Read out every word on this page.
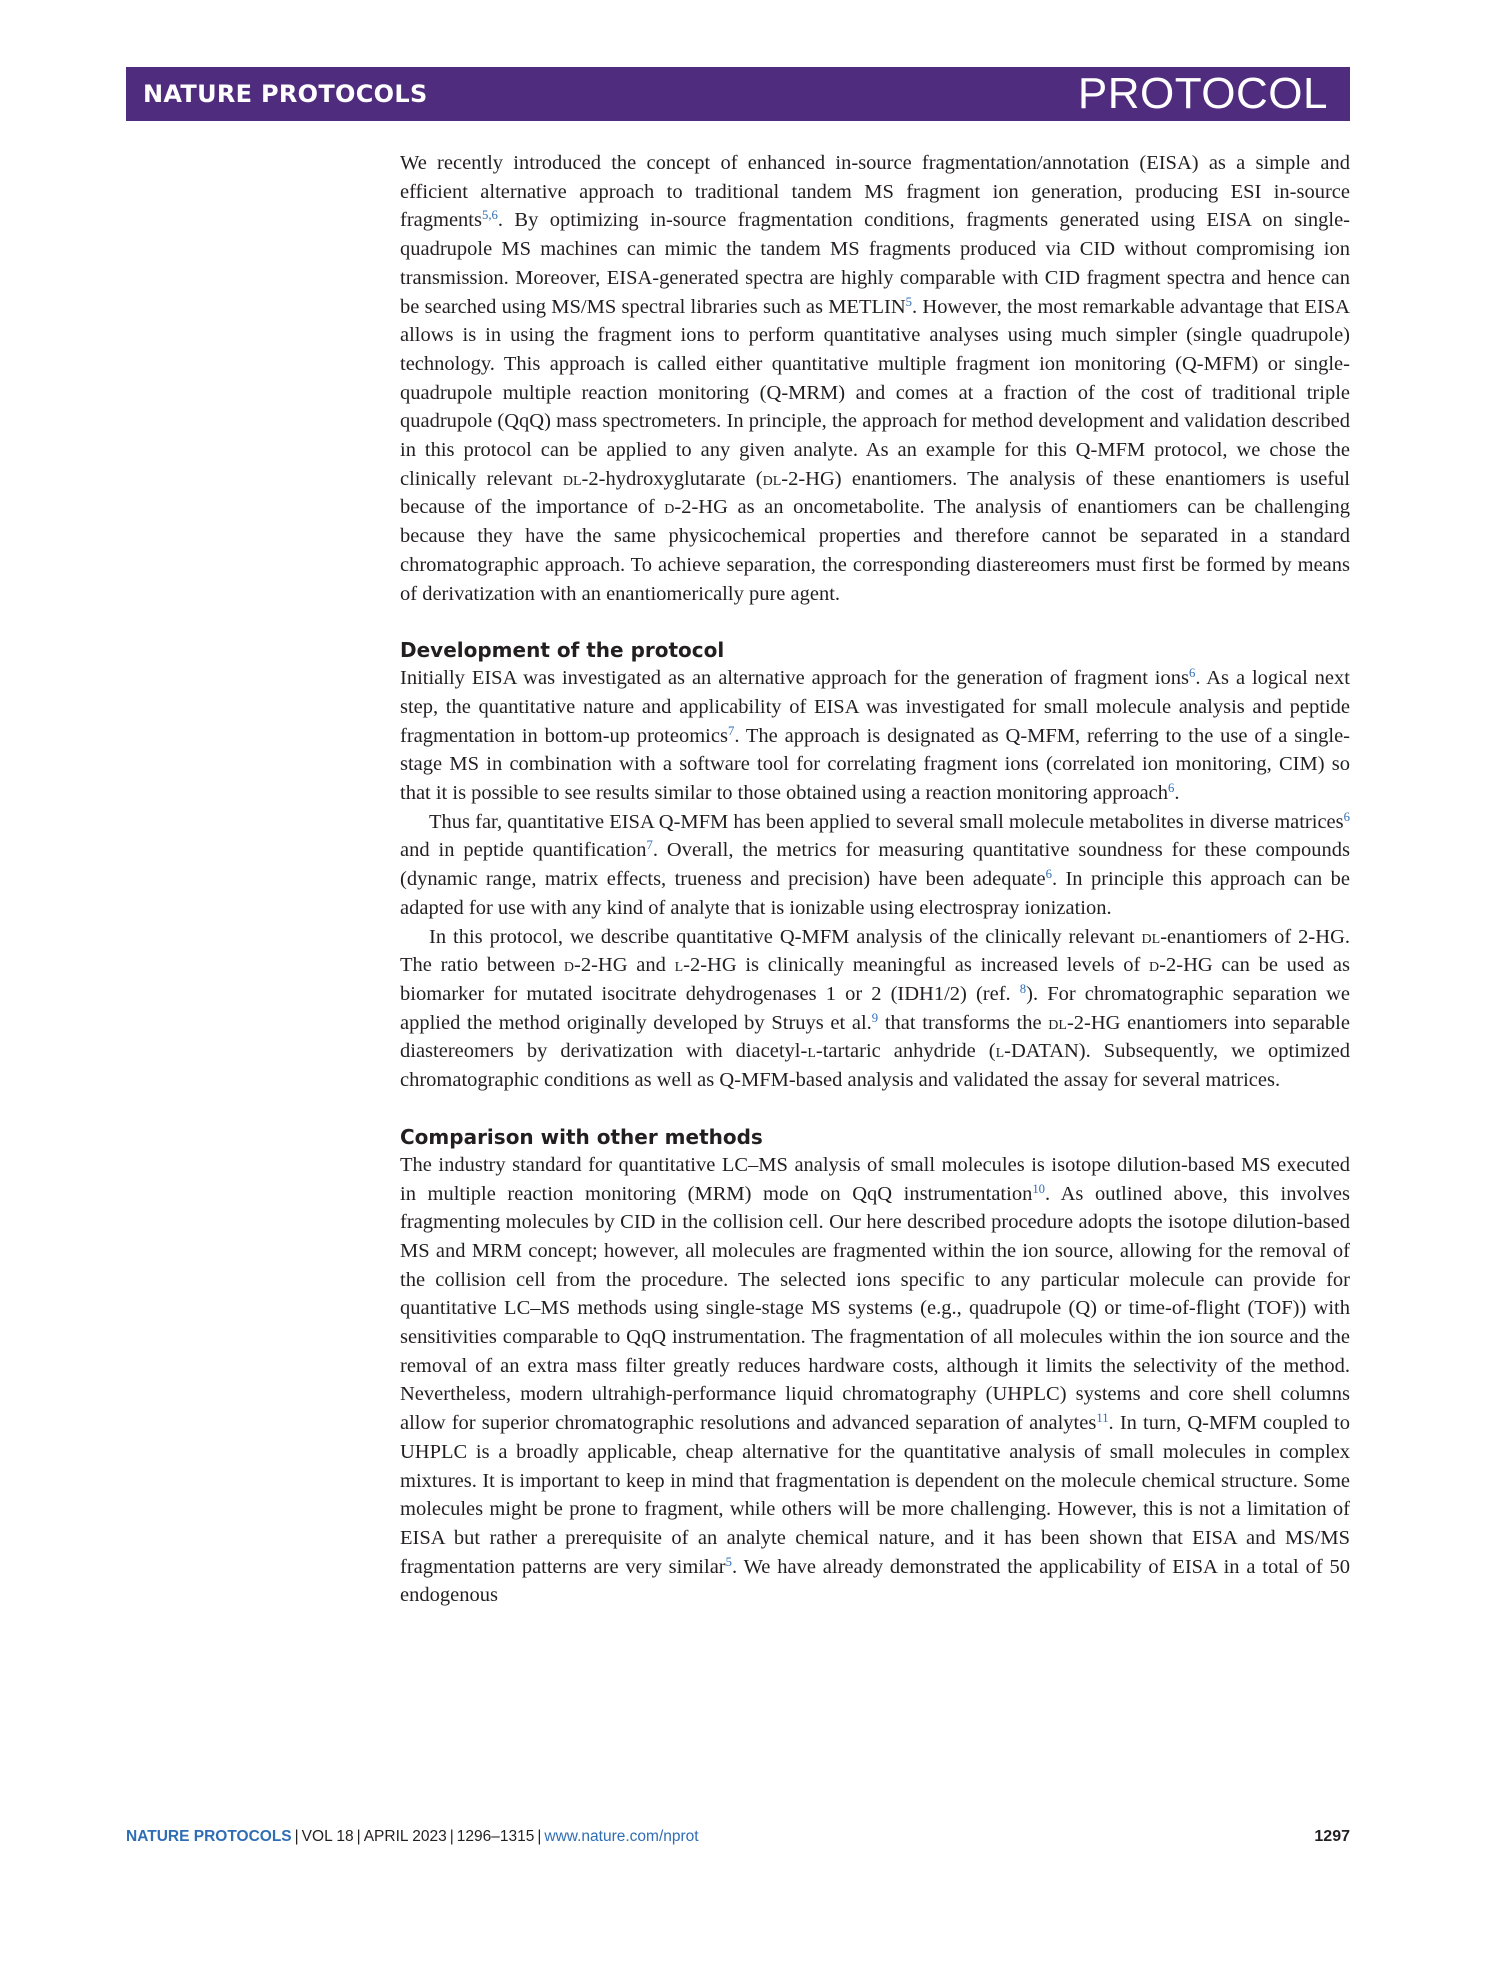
NATURE PROTOCOLS	PROTOCOL

We recently introduced the concept of enhanced in-source fragmentation/annotation (EISA) as a simple and efficient alternative approach to traditional tandem MS fragment ion generation, producing ESI in-source fragments$^{5,6}$. By optimizing in-source fragmentation conditions, fragments generated using EISA on single-quadrupole MS machines can mimic the tandem MS fragments produced via CID without compromising ion transmission. Moreover, EISA-generated spectra are highly comparable with CID fragment spectra and hence can be searched using MS/MS spectral libraries such as METLIN$^5$. However, the most remarkable advantage that EISA allows is in using the fragment ions to perform quantitative analyses using much simpler (single quadrupole) technology. This approach is called either quantitative multiple fragment ion monitoring (Q-MFM) or single-quadrupole multiple reaction monitoring (Q-MRM) and comes at a fraction of the cost of traditional triple quadrupole (QqQ) mass spectrometers. In principle, the approach for method development and validation described in this protocol can be applied to any given analyte. As an example for this Q-MFM protocol, we chose the clinically relevant dl-2-hydroxyglutarate (dl-2-HG) enantiomers. The analysis of these enantiomers is useful because of the importance of d-2-HG as an oncometabolite. The analysis of enantiomers can be challenging because they have the same physicochemical properties and therefore cannot be separated in a standard chromatographic approach. To achieve separation, the corresponding diastereomers must first be formed by means of derivatization with an enantiomerically pure agent.

Development of the protocol

Initially EISA was investigated as an alternative approach for the generation of fragment ions$^6$. As a logical next step, the quantitative nature and applicability of EISA was investigated for small molecule analysis and peptide fragmentation in bottom-up proteomics$^7$. The approach is designated as Q-MFM, referring to the use of a single-stage MS in combination with a software tool for correlating fragment ions (correlated ion monitoring, CIM) so that it is possible to see results similar to those obtained using a reaction monitoring approach$^6$.

Thus far, quantitative EISA Q-MFM has been applied to several small molecule metabolites in diverse matrices$^6$ and in peptide quantification$^7$. Overall, the metrics for measuring quantitative soundness for these compounds (dynamic range, matrix effects, trueness and precision) have been adequate$^6$. In principle this approach can be adapted for use with any kind of analyte that is ionizable using electrospray ionization.

In this protocol, we describe quantitative Q-MFM analysis of the clinically relevant dl-enantiomers of 2-HG. The ratio between d-2-HG and l-2-HG is clinically meaningful as increased levels of d-2-HG can be used as biomarker for mutated isocitrate dehydrogenases 1 or 2 (IDH1/2) (ref. $^8$). For chromatographic separation we applied the method originally developed by Struys et al.$^9$ that transforms the dl-2-HG enantiomers into separable diastereomers by derivatization with diacetyl-l-tartaric anhydride (l-DATAN). Subsequently, we optimized chromatographic conditions as well as Q-MFM-based analysis and validated the assay for several matrices.

Comparison with other methods

The industry standard for quantitative LC–MS analysis of small molecules is isotope dilution-based MS executed in multiple reaction monitoring (MRM) mode on QqQ instrumentation$^{10}$. As outlined above, this involves fragmenting molecules by CID in the collision cell. Our here described procedure adopts the isotope dilution-based MS and MRM concept; however, all molecules are fragmented within the ion source, allowing for the removal of the collision cell from the procedure. The selected ions specific to any particular molecule can provide for quantitative LC–MS methods using single-stage MS systems (e.g., quadrupole (Q) or time-of-flight (TOF)) with sensitivities comparable to QqQ instrumentation. The fragmentation of all molecules within the ion source and the removal of an extra mass filter greatly reduces hardware costs, although it limits the selectivity of the method. Nevertheless, modern ultrahigh-performance liquid chromatography (UHPLC) systems and core shell columns allow for superior chromatographic resolutions and advanced separation of analytes$^{11}$. In turn, Q-MFM coupled to UHPLC is a broadly applicable, cheap alternative for the quantitative analysis of small molecules in complex mixtures. It is important to keep in mind that fragmentation is dependent on the molecule chemical structure. Some molecules might be prone to fragment, while others will be more challenging. However, this is not a limitation of EISA but rather a prerequisite of an analyte chemical nature, and it has been shown that EISA and MS/MS fragmentation patterns are very similar$^5$. We have already demonstrated the applicability of EISA in a total of 50 endogenous

NATURE PROTOCOLS | VOL 18 | APRIL 2023 | 1296–1315 | www.nature.com/nprot	1297
